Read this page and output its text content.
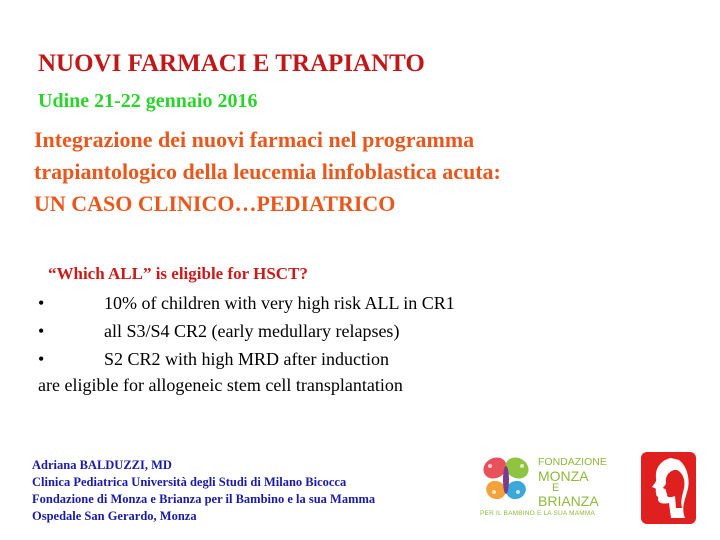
NUOVI FARMACI E TRAPIANTO
Udine 21-22 gennaio 2016
Integrazione dei nuovi farmaci nel programma
trapiantologico della leucemia linfoblastica acuta:
UN CASO CLINICO…PEDIATRICO
“Which ALL” is eligible for HSCT?
•	10% of children with very high risk ALL in CR1
•	all S3/S4 CR2 (early medullary relapses)
•	S2 CR2 with high MRD after induction
are eligible for allogeneic stem cell transplantation
Adriana BALDUZZI, MD
Clinica Pediatrica Università degli Studi di Milano Bicocca
Fondazione di Monza e Brianza per il Bambino e la sua Mamma
Ospedale San Gerardo, Monza
FONDAZIONE
MONZA
E
BRIANZA
PER IL BAMBINO E LA SUA MAMMA
